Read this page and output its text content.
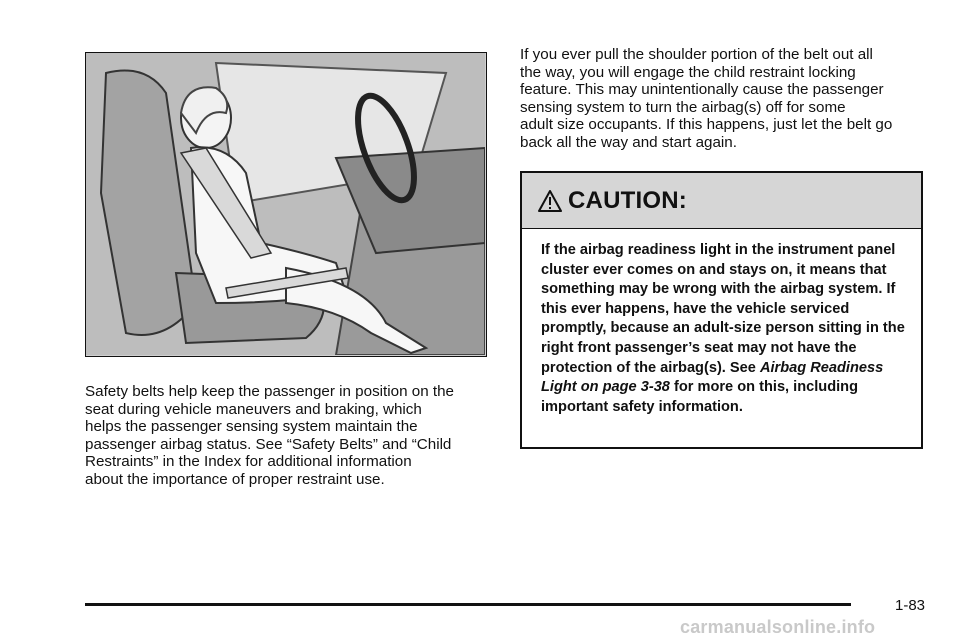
Safety belts help keep the passenger in position on the
seat during vehicle maneuvers and braking, which
helps the passenger sensing system maintain the
passenger airbag status. See “Safety Belts” and “Child
Restraints” in the Index for additional information
about the importance of proper restraint use.

If you ever pull the shoulder portion of the belt out all
the way, you will engage the child restraint locking
feature. This may unintentionally cause the passenger
sensing system to turn the airbag(s) off for some
adult size occupants. If this happens, just let the belt go
back all the way and start again.

CAUTION:

If the airbag readiness light in the instrument panel cluster ever comes on and stays on, it means that something may be wrong with the airbag system. If this ever happens, have the vehicle serviced promptly, because an adult-size person sitting in the right front passenger’s seat may not have the protection of the airbag(s). See Airbag Readiness Light on page 3-38 for more on this, including important safety information.

1-83
carmanualsonline.info
